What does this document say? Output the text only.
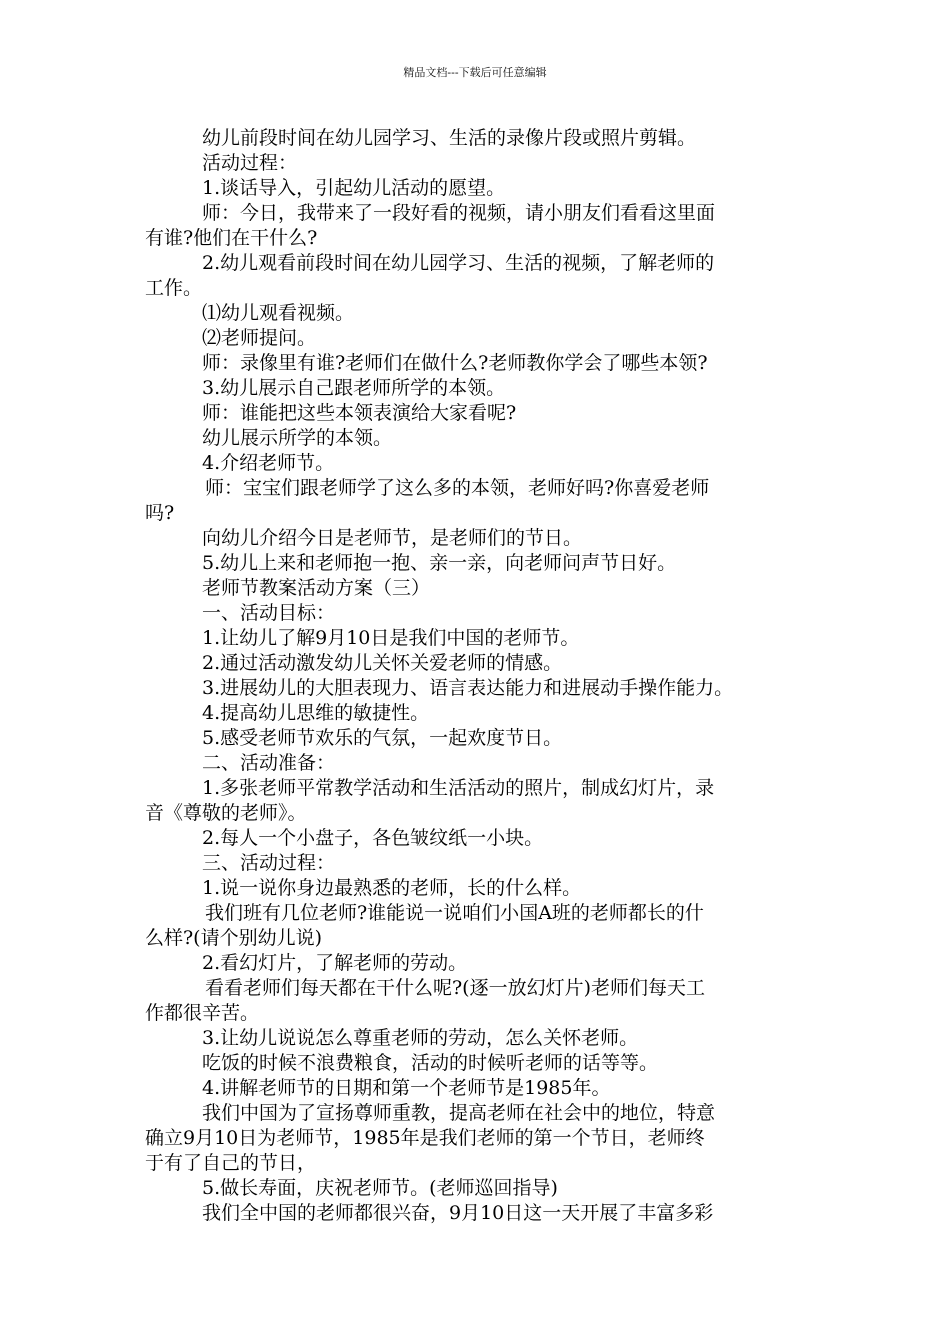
精品文档---下载后可任意编辑
幼儿前段时间在幼儿园学习、生活的录像片段或照片剪辑。
活动过程：
1.谈话导入，引起幼儿活动的愿望。
师：今日，我带来了一段好看的视频，请小朋友们看看这里面
有谁?他们在干什么?
2.幼儿观看前段时间在幼儿园学习、生活的视频，了解老师的
工作。
⑴幼儿观看视频。
⑵老师提问。
师：录像里有谁?老师们在做什么?老师教你学会了哪些本领?
3.幼儿展示自己跟老师所学的本领。
师：谁能把这些本领表演给大家看呢?
幼儿展示所学的本领。
4.介绍老师节。
师：宝宝们跟老师学了这么多的本领，老师好吗?你喜爱老师
吗?
向幼儿介绍今日是老师节，是老师们的节日。
5.幼儿上来和老师抱一抱、亲一亲，向老师问声节日好。
老师节教案活动方案（三）
一、活动目标：
1.让幼儿了解9月10日是我们中国的老师节。
2.通过活动激发幼儿关怀关爱老师的情感。
3.进展幼儿的大胆表现力、语言表达能力和进展动手操作能力。
4.提高幼儿思维的敏捷性。
5.感受老师节欢乐的气氛，一起欢度节日。
二、活动准备：
1.多张老师平常教学活动和生活活动的照片，制成幻灯片，录
音《尊敬的老师》。
2.每人一个小盘子，各色皱纹纸一小块。
三、活动过程：
1.说一说你身边最熟悉的老师，长的什么样。
我们班有几位老师?谁能说一说咱们小国A班的老师都长的什
么样?(请个别幼儿说)
2.看幻灯片，了解老师的劳动。
看看老师们每天都在干什么呢?(逐一放幻灯片)老师们每天工
作都很辛苦。
3.让幼儿说说怎么尊重老师的劳动，怎么关怀老师。
吃饭的时候不浪费粮食，活动的时候听老师的话等等。
4.讲解老师节的日期和第一个老师节是1985年。
我们中国为了宣扬尊师重教，提高老师在社会中的地位，特意
确立9月10日为老师节，1985年是我们老师的第一个节日，老师终
于有了自己的节日，
5.做长寿面，庆祝老师节。(老师巡回指导)
我们全中国的老师都很兴奋，9月10日这一天开展了丰富多彩
